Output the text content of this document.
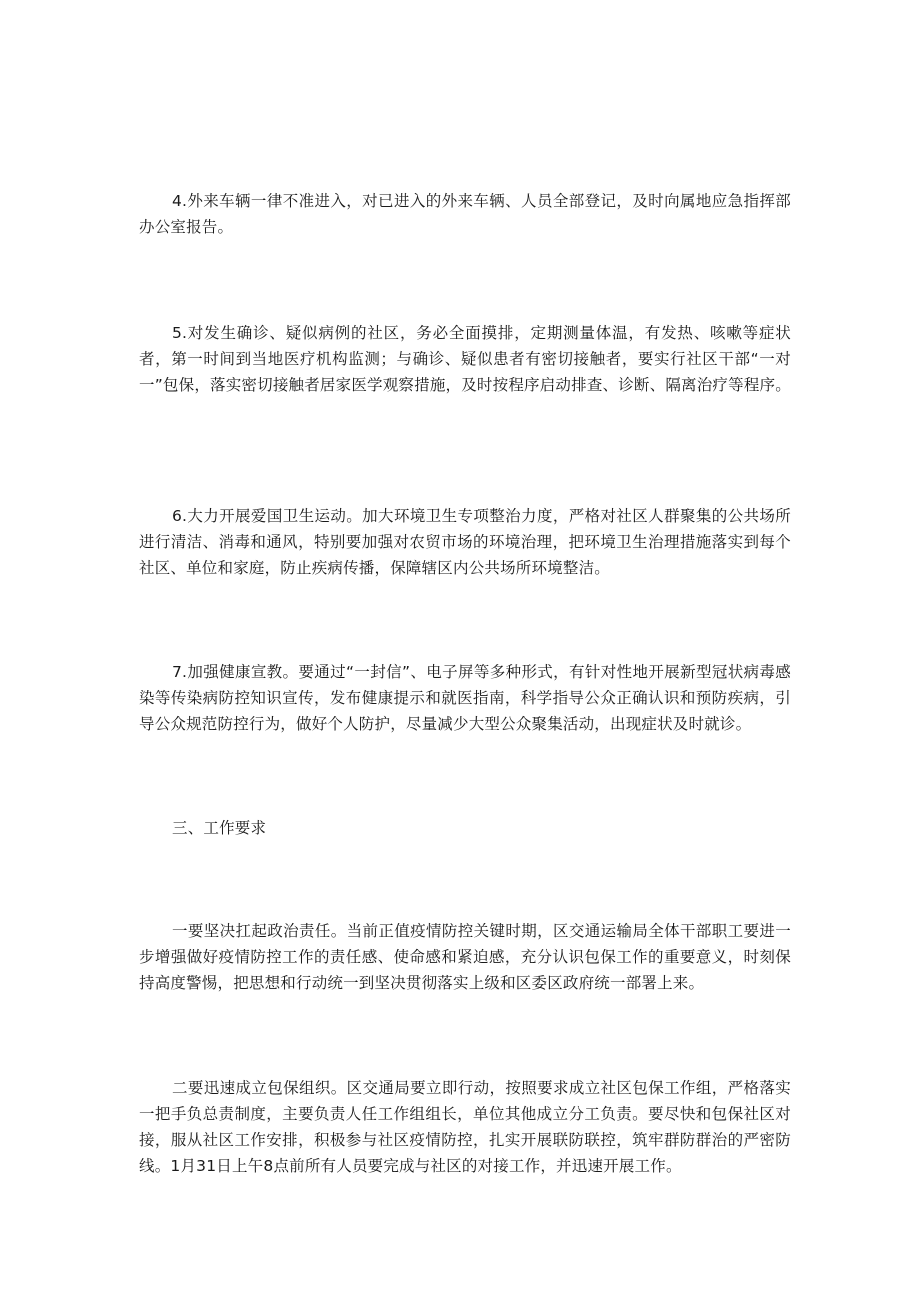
4.外来车辆一律不准进入，对已进入的外来车辆、人员全部登记，及时向属地应急指挥部办公室报告。

5.对发生确诊、疑似病例的社区，务必全面摸排，定期测量体温，有发热、咳嗽等症状者，第一时间到当地医疗机构监测；与确诊、疑似患者有密切接触者，要实行社区干部“一对一”包保，落实密切接触者居家医学观察措施，及时按程序启动排查、诊断、隔离治疗等程序。

6.大力开展爱国卫生运动。加大环境卫生专项整治力度，严格对社区人群聚集的公共场所进行清洁、消毒和通风，特别要加强对农贸市场的环境治理，把环境卫生治理措施落实到每个社区、单位和家庭，防止疾病传播，保障辖区内公共场所环境整洁。

7.加强健康宣教。要通过“一封信”、电子屏等多种形式，有针对性地开展新型冠状病毒感染等传染病防控知识宣传，发布健康提示和就医指南，科学指导公众正确认识和预防疾病，引导公众规范防控行为，做好个人防护，尽量减少大型公众聚集活动，出现症状及时就诊。

三、工作要求

一要坚决扛起政治责任。当前正值疫情防控关键时期，区交通运输局全体干部职工要进一步增强做好疫情防控工作的责任感、使命感和紧迫感，充分认识包保工作的重要意义，时刻保持高度警惕，把思想和行动统一到坚决贯彻落实上级和区委区政府统一部署上来。

二要迅速成立包保组织。区交通局要立即行动，按照要求成立社区包保工作组，严格落实一把手负总责制度，主要负责人任工作组组长，单位其他成立分工负责。要尽快和包保社区对接，服从社区工作安排，积极参与社区疫情防控，扎实开展联防联控，筑牢群防群治的严密防线。1月31日上午8点前所有人员要完成与社区的对接工作，并迅速开展工作。
